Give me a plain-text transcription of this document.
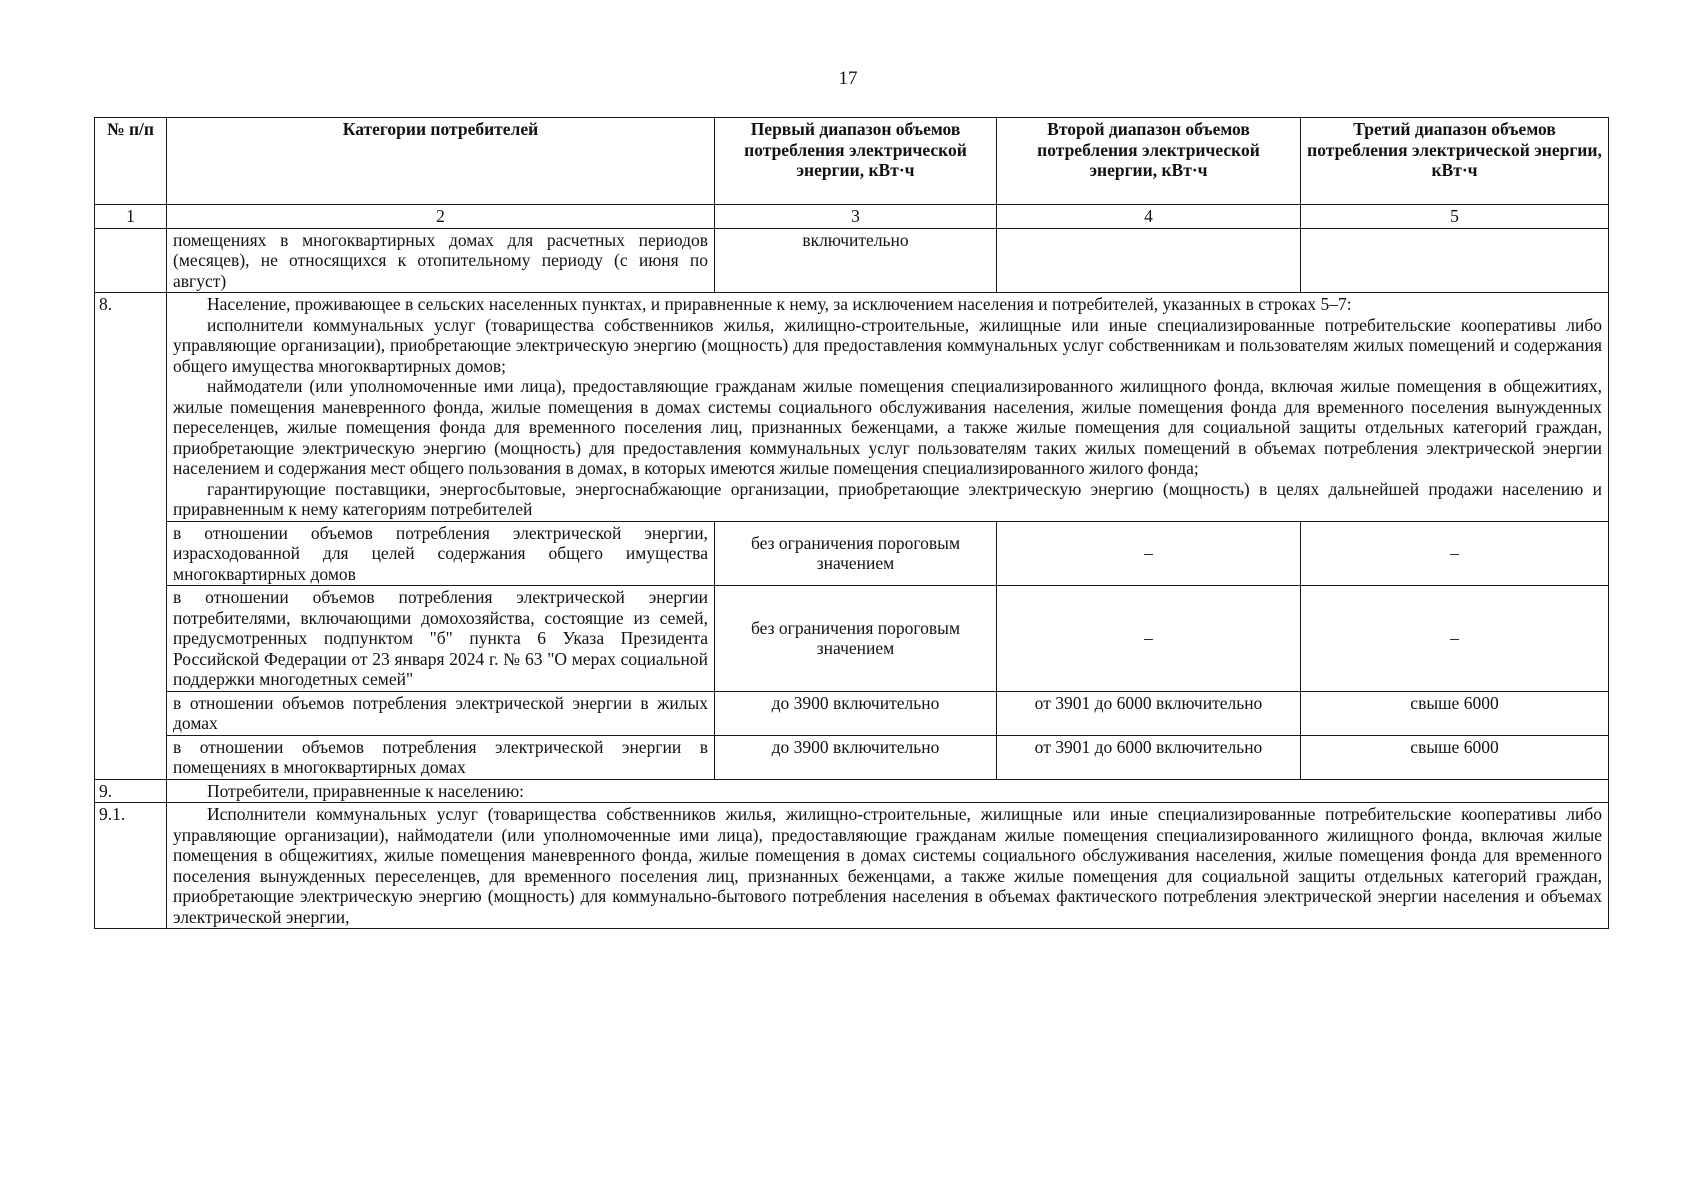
17
№ п/п	Категории потребителей	Первый диапазон объемов потребления электрической энергии, кВт·ч	Второй диапазон объемов потребления электрической энергии, кВт·ч	Третий диапазон объемов потребления электрической энергии, кВт·ч
1	2	3	4	5
	помещениях в многоквартирных домах для расчетных периодов (месяцев), не относящихся к отопительному периоду (с июня по август)	включительно		
8.	Население, проживающее в сельских населенных пунктах, и приравненные к нему, за исключением населения и потребителей, указанных в строках 5–7:

исполнители коммунальных услуг (товарищества собственников жилья, жилищно-строительные, жилищные или иные специализированные потребительские кооперативы либо управляющие организации), приобретающие электрическую энергию (мощность) для предоставления коммунальных услуг собственникам и пользователям жилых помещений и содержания общего имущества многоквартирных домов;

наймодатели (или уполномоченные ими лица), предоставляющие гражданам жилые помещения специализированного жилищного фонда, включая жилые помещения в общежитиях, жилые помещения маневренного фонда, жилые помещения в домах системы социального обслуживания населения, жилые помещения фонда для временного поселения вынужденных переселенцев, жилые помещения фонда для временного поселения лиц, признанных беженцами, а также жилые помещения для социальной защиты отдельных категорий граждан, приобретающие электрическую энергию (мощность) для предоставления коммунальных услуг пользователям таких жилых помещений в объемах потребления электрической энергии населением и содержания мест общего пользования в домах, в которых имеются жилые помещения специализированного жилого фонда;

гарантирующие поставщики, энергосбытовые, энергоснабжающие организации, приобретающие электрическую энергию (мощность) в целях дальнейшей продажи населению и приравненным к нему категориям потребителей			

	в отношении объемов потребления электрической энергии, израсходованной для целей содержания общего имущества многоквартирных домов	без ограничения пороговым значением	–	–
	в отношении объемов потребления электрической энергии потребителями, включающими домохозяйства, состоящие из семей, предусмотренных подпунктом "б" пункта 6 Указа Президента Российской Федерации от 23 января 2024 г. № 63 "О мерах социальной поддержки многодетных семей"	без ограничения пороговым значением	–	–
	в отношении объемов потребления электрической энергии в жилых домах	до 3900 включительно	от 3901 до 6000 включительно	свыше 6000
	в отношении объемов потребления электрической энергии в помещениях в многоквартирных домах	до 3900 включительно	от 3901 до 6000 включительно	свыше 6000
9.	Потребители, приравненные к населению:			

9.1.	Исполнители коммунальных услуг (товарищества собственников жилья, жилищно-строительные, жилищные или иные специализированные потребительские кооперативы либо управляющие организации), наймодатели (или уполномоченные ими лица), предоставляющие гражданам жилые помещения специализированного жилищного фонда, включая жилые помещения в общежитиях, жилые помещения маневренного фонда, жилые помещения в домах системы социального обслуживания населения, жилые помещения фонда для временного поселения вынужденных переселенцев, для временного поселения лиц, признанных беженцами, а также жилые помещения для социальной защиты отдельных категорий граждан, приобретающие электрическую энергию (мощность) для коммунально-бытового потребления населения в объемах фактического потребления электрической энергии населения и объемах электрической энергии,			
